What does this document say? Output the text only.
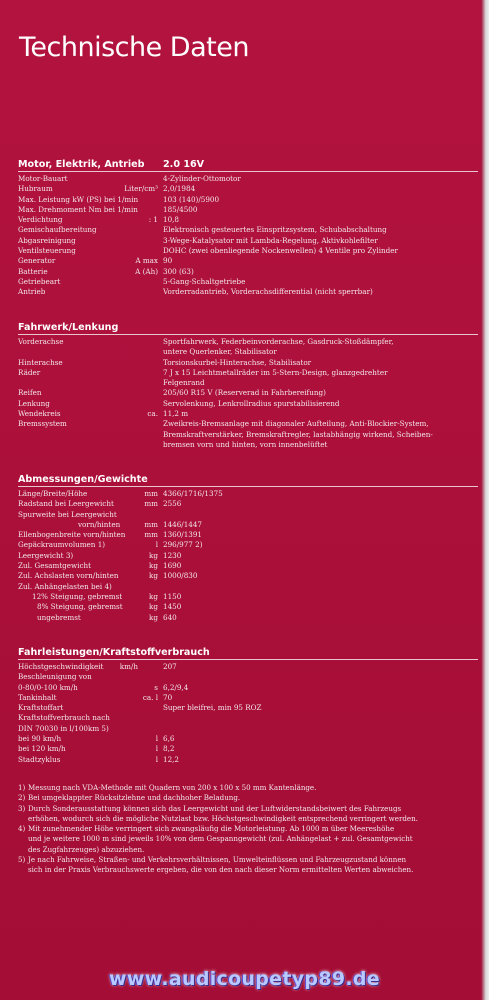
Technische Daten
Motor, Elektrik, Antrieb 2.0 16V
Motor-Bauart	4-Zylinder-Ottomotor
Hubraum	Liter/cm³ 2,0/1984
Max. Leistung kW (PS) bei 1/min	103 (140)/5900
Max. Drehmoment Nm bei 1/min	185/4500
Verdichtung	: 1 10,8
Gemischaufbereitung	Elektronisch gesteuertes Einspritzsystem, Schubabschaltung
Abgasreinigung	3-Wege-Katalysator mit Lambda-Regelung, Aktivkohlefilter
Ventilsteuerung	DOHC (zwei obenliegende Nockenwellen) 4 Ventile pro Zylinder
Generator	A max 90
Batterie	A (Ah) 300 (63)
Getriebeart	5-Gang-Schaltgetriebe
Antrieb	Vorderradantrieb, Vorderachsdifferential (nicht sperrbar)
Fahrwerk/Lenkung
Vorderachse	Sportfahrwerk, Federbeinvorderachse, Gasdruck-Stoßdämpfer,
untere Querlenker, Stabilisator
Hinterachse	Torsionskurbel-Hinterachse, Stabilisator
Räder	7 J x 15 Leichtmetallräder im 5-Stern-Design, glanzgedrehter
Felgenrand
Reifen	205/60 R15 V (Reserverad in Fahrbereifung)
Lenkung	Servolenkung, Lenkrollradius spurstabilisierend
Wendekreis	ca. 11,2 m
Bremssystem	Zweikreis-Bremsanlage mit diagonaler Aufteilung, Anti-Blockier-System,
Bremskraftverstärker, Bremskraftregler, lastabhängig wirkend, Scheiben-
bremsen vorn und hinten, vorn innenbelüftet
Abmessungen/Gewichte
Länge/Breite/Höhe	mm 4366/1716/1375
Radstand bei Leergewicht	mm 2556
Spurweite bei Leergewicht
vorn/hinten	mm 1446/1447
Ellenbogenbreite vorn/hinten	mm 1360/1391
Gepäckraumvolumen 1)	l 296/977 2)
Leergewicht 3)	kg 1230
Zul. Gesamtgewicht	kg 1690
Zul. Achslasten vorn/hinten	kg 1000/830
Zul. Anhängelasten bei 4)
12% Steigung, gebremst	kg 1150
8% Steigung, gebremst	kg 1450
ungebremst	kg 640
Fahrleistungen/Kraftstoffverbrauch
Höchstgeschwindigkeit km/h	207
Beschleunigung von
0-80/0-100 km/h	s 6,2/9,4
Tankinhalt	ca. l 70
Kraftstoffart	Super bleifrei, min 95 ROZ
Kraftstoffverbrauch nach
DIN 70030 in l/100km 5)
bei 90 km/h	l 6,6
bei 120 km/h	l 8,2
Stadtzyklus	l 12,2
1) Messung nach VDA-Methode mit Quadern von 200 x 100 x 50 mm Kantenlänge.
2) Bei umgeklappter Rücksitzlehne und dachhoher Beladung.
3) Durch Sonderausstattung können sich das Leergewicht und der Luftwiderstandsbeiwert des Fahrzeugs
erhöhen, wodurch sich die mögliche Nutzlast bzw. Höchstgeschwindigkeit entsprechend verringert werden.
4) Mit zunehmender Höhe verringert sich zwangsläufig die Motorleistung. Ab 1000 m über Meereshöhe
und je weitere 1000 m sind jeweils 10% von dem Gespanngewicht (zul. Anhängelast + zul. Gesamtgewicht
des Zugfahrzeuges) abzuziehen.
5) Je nach Fahrweise, Straßen- und Verkehrsverhältnissen, Umwelteinflüssen und Fahrzeugzustand können
sich in der Praxis Verbrauchswerte ergeben, die von den nach dieser Norm ermittelten Werten abweichen.
www.audicoupetyp89.de
